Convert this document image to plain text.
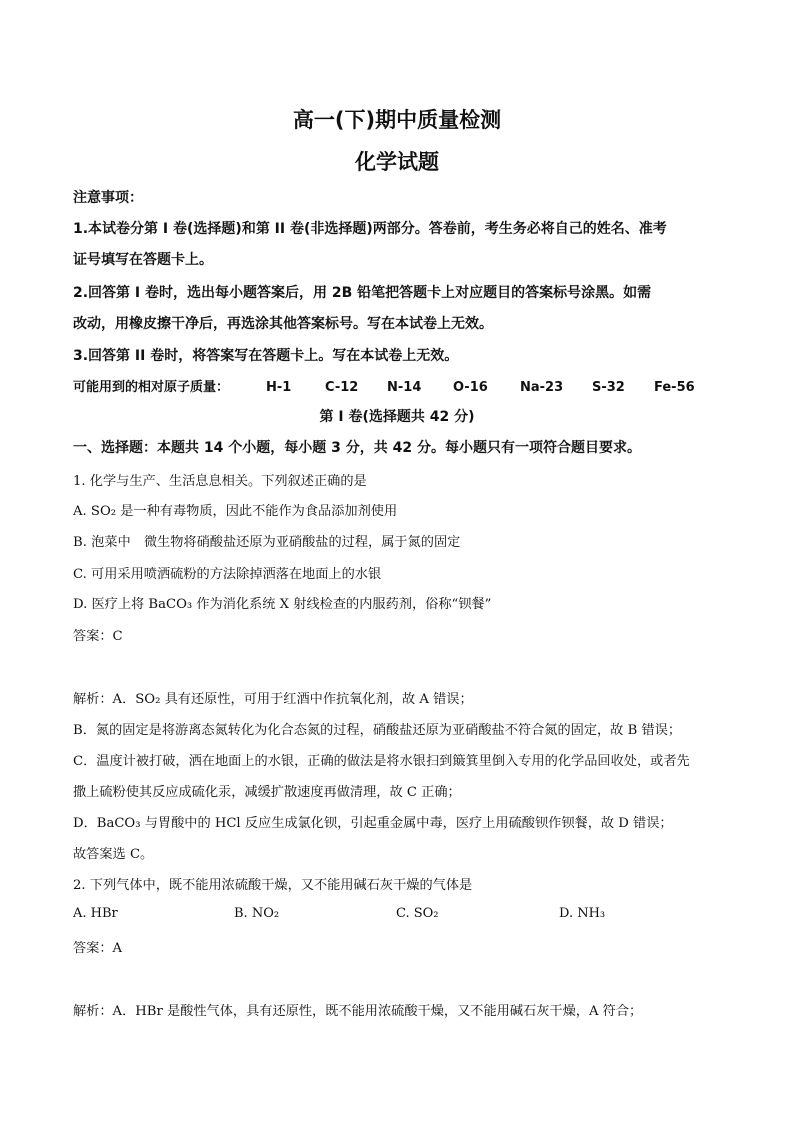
高一(下)期中质量检测
化学试题
注意事项：
1.本试卷分第 I 卷(选择题)和第 II 卷(非选择题)两部分。答卷前，考生务必将自己的姓名、准考
证号填写在答题卡上。
2.回答第 I 卷时，选出每小题答案后，用 2B 铅笔把答题卡上对应题目的答案标号涂黑。如需
改动，用橡皮擦干净后，再选涂其他答案标号。写在本试卷上无效。
3.回答第 II 卷时，将答案写在答题卡上。写在本试卷上无效。
可能用到的相对原子质量：	H-1	C-12 N-14 O-16 Na-23 S-32 Fe-56
第 I 卷(选择题共 42 分)
一、选择题：本题共 14 个小题，每小题 3 分，共 42 分。每小题只有一项符合题目要求。
1. 化学与生产、生活息息相关。下列叙述正确的是
A. SO₂ 是一种有毒物质，因此不能作为食品添加剂使用
B. 泡菜中　微生物将硝酸盐还原为亚硝酸盐的过程，属于氮的固定
C. 可用采用喷洒硫粉的方法除掉洒落在地面上的水银
D. 医疗上将 BaCO₃ 作为消化系统 X 射线检查的内服药剂，俗称“钡餐”
答案：C
解析：A．SO₂ 具有还原性，可用于红酒中作抗氧化剂，故 A 错误；
B．氮的固定是将游离态氮转化为化合态氮的过程，硝酸盐还原为亚硝酸盐不符合氮的固定，故 B 错误；
C．温度计被打破，洒在地面上的水银，正确的做法是将水银扫到簸箕里倒入专用的化学品回收处，或者先
撒上硫粉使其反应成硫化汞，减缓扩散速度再做清理，故 C 正确；
D．BaCO₃ 与胃酸中的 HCl 反应生成氯化钡，引起重金属中毒，医疗上用硫酸钡作钡餐，故 D 错误；
故答案选 C。
2. 下列气体中，既不能用浓硫酸干燥，又不能用碱石灰干燥的气体是
A. HBr	B. NO₂	C. SO₂	D. NH₃
答案：A
解析：A．HBr 是酸性气体，具有还原性，既不能用浓硫酸干燥，又不能用碱石灰干燥，A 符合；
